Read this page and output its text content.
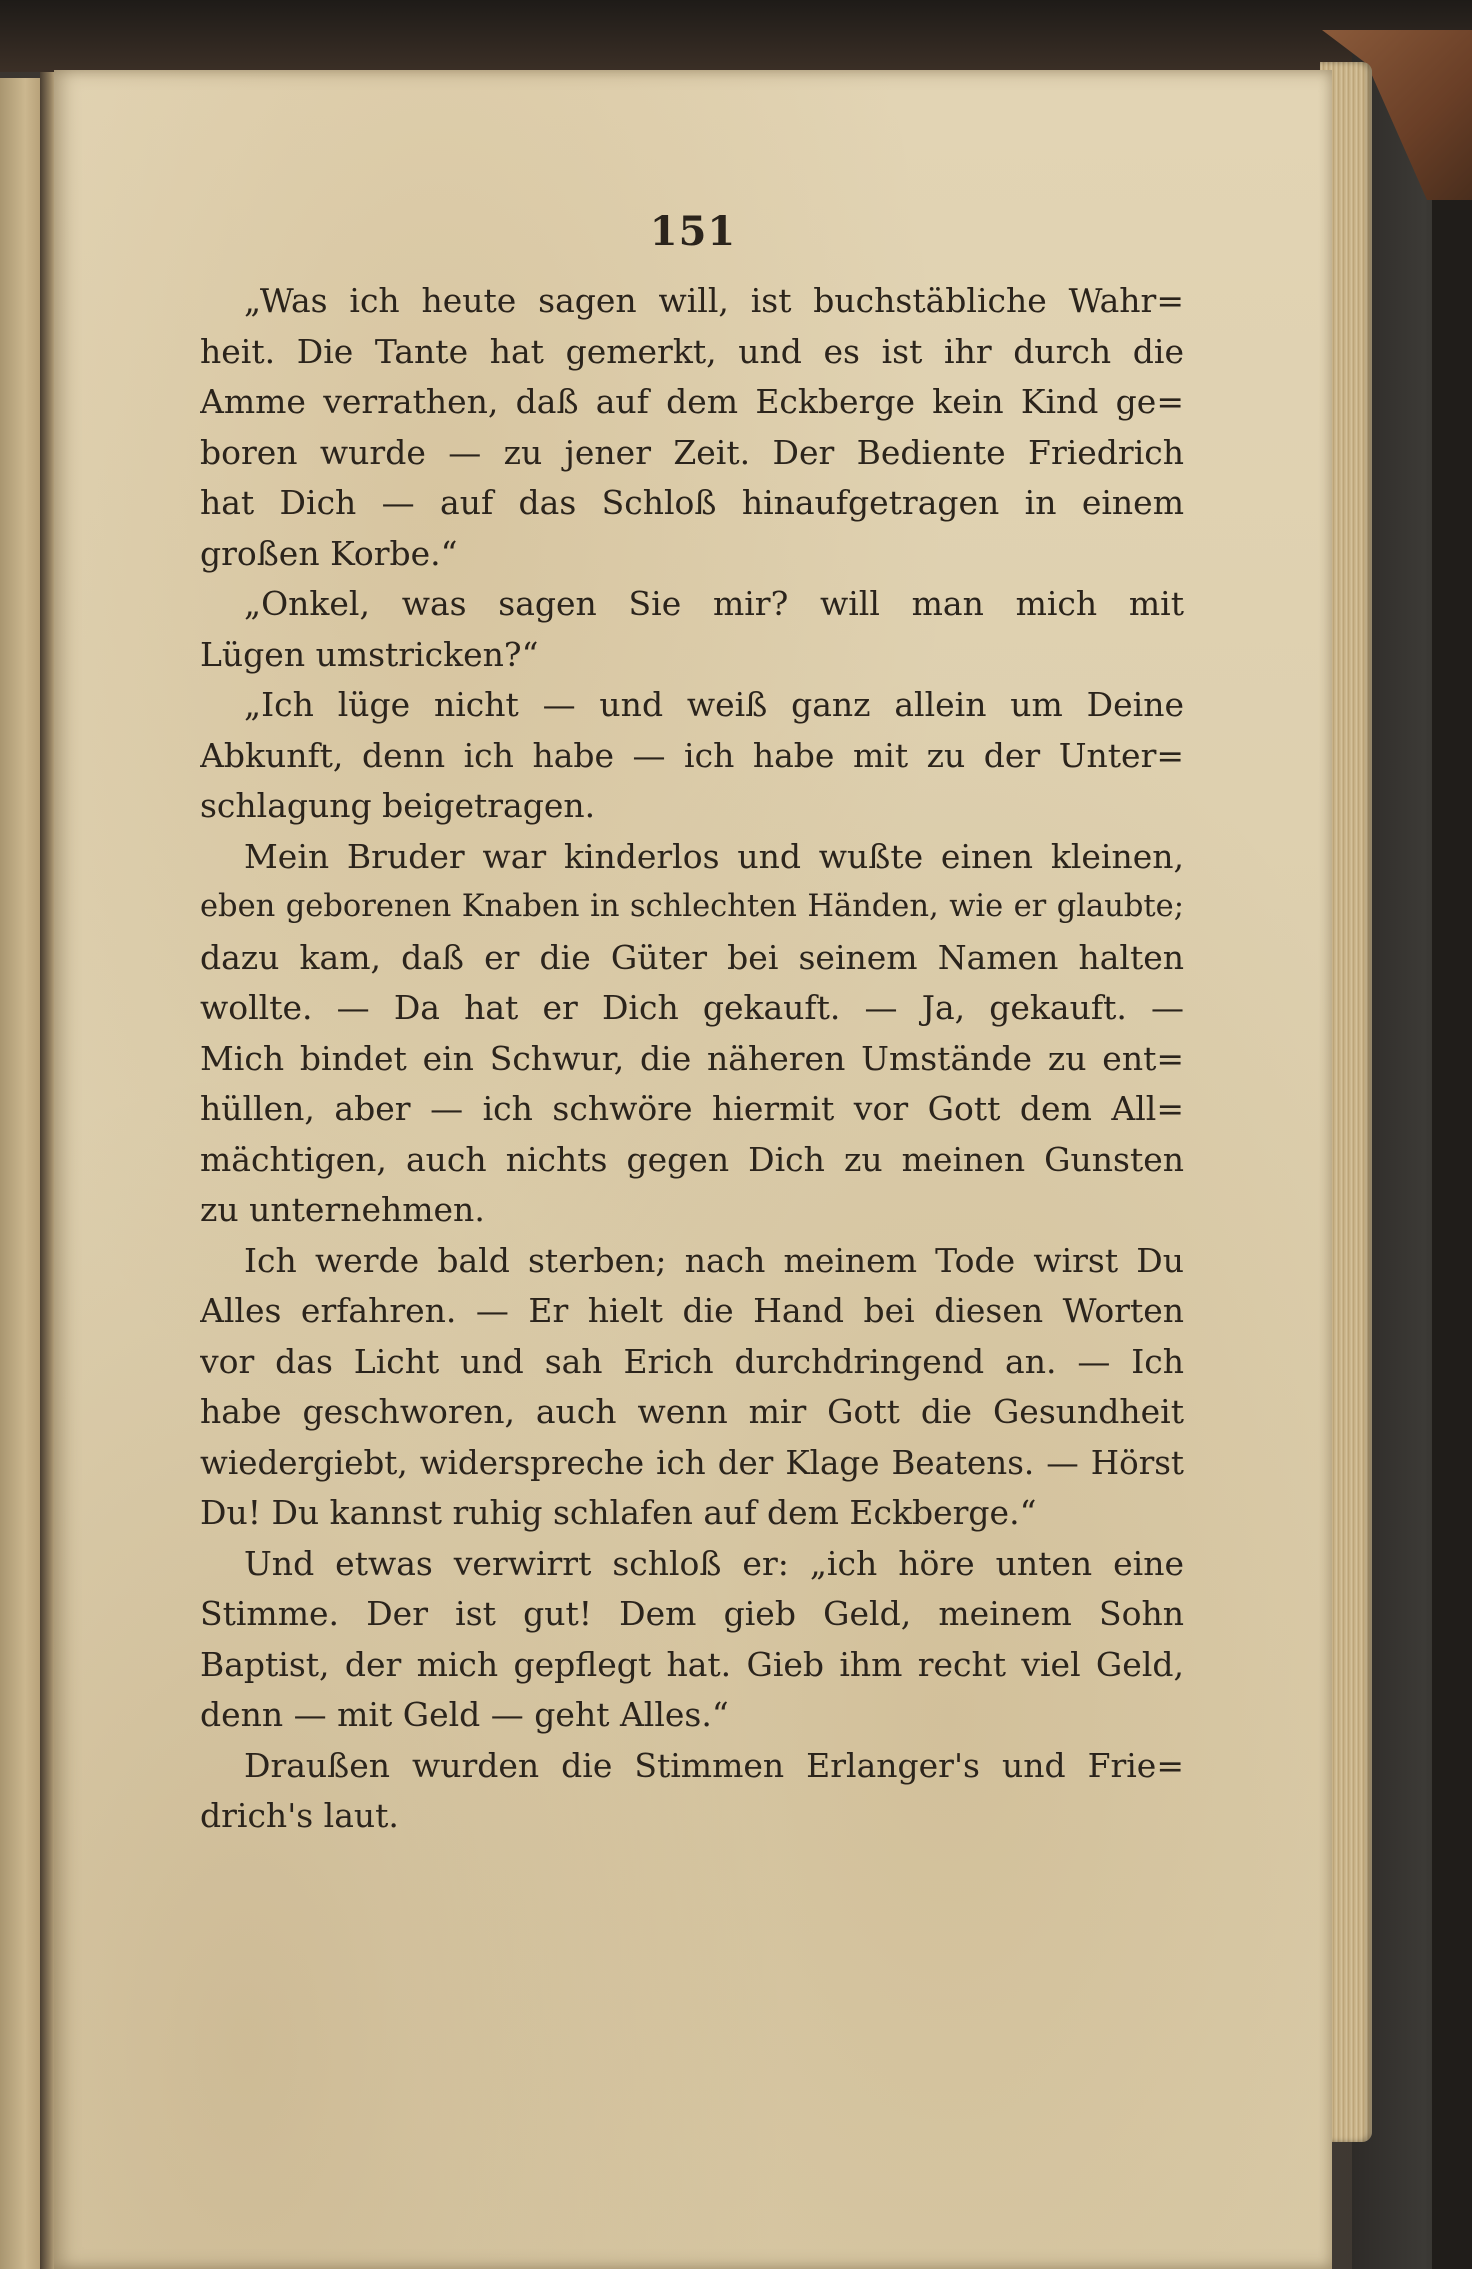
151
„Was ich heute sagen will, ist buchstäbliche Wahr=
heit. Die Tante hat gemerkt, und es ist ihr durch die
Amme verrathen, daß auf dem Eckberge kein Kind ge=
boren wurde — zu jener Zeit. Der Bediente Friedrich
hat Dich — auf das Schloß hinaufgetragen in einem
großen Korbe.“
„Onkel, was sagen Sie mir? will man mich mit
Lügen umstricken?“
„Ich lüge nicht — und weiß ganz allein um Deine
Abkunft, denn ich habe — ich habe mit zu der Unter=
schlagung beigetragen.
Mein Bruder war kinderlos und wußte einen kleinen,
eben geborenen Knaben in schlechten Händen, wie er glaubte;
dazu kam, daß er die Güter bei seinem Namen halten
wollte. — Da hat er Dich gekauft. — Ja, gekauft. —
Mich bindet ein Schwur, die näheren Umstände zu ent=
hüllen, aber — ich schwöre hiermit vor Gott dem All=
mächtigen, auch nichts gegen Dich zu meinen Gunsten
zu unternehmen.
Ich werde bald sterben; nach meinem Tode wirst Du
Alles erfahren. — Er hielt die Hand bei diesen Worten
vor das Licht und sah Erich durchdringend an. — Ich
habe geschworen, auch wenn mir Gott die Gesundheit
wiedergiebt, widerspreche ich der Klage Beatens. — Hörst
Du! Du kannst ruhig schlafen auf dem Eckberge.“
Und etwas verwirrt schloß er: „ich höre unten eine
Stimme. Der ist gut! Dem gieb Geld, meinem Sohn
Baptist, der mich gepflegt hat. Gieb ihm recht viel Geld,
denn — mit Geld — geht Alles.“
Draußen wurden die Stimmen Erlanger's und Frie=
drich's laut.
